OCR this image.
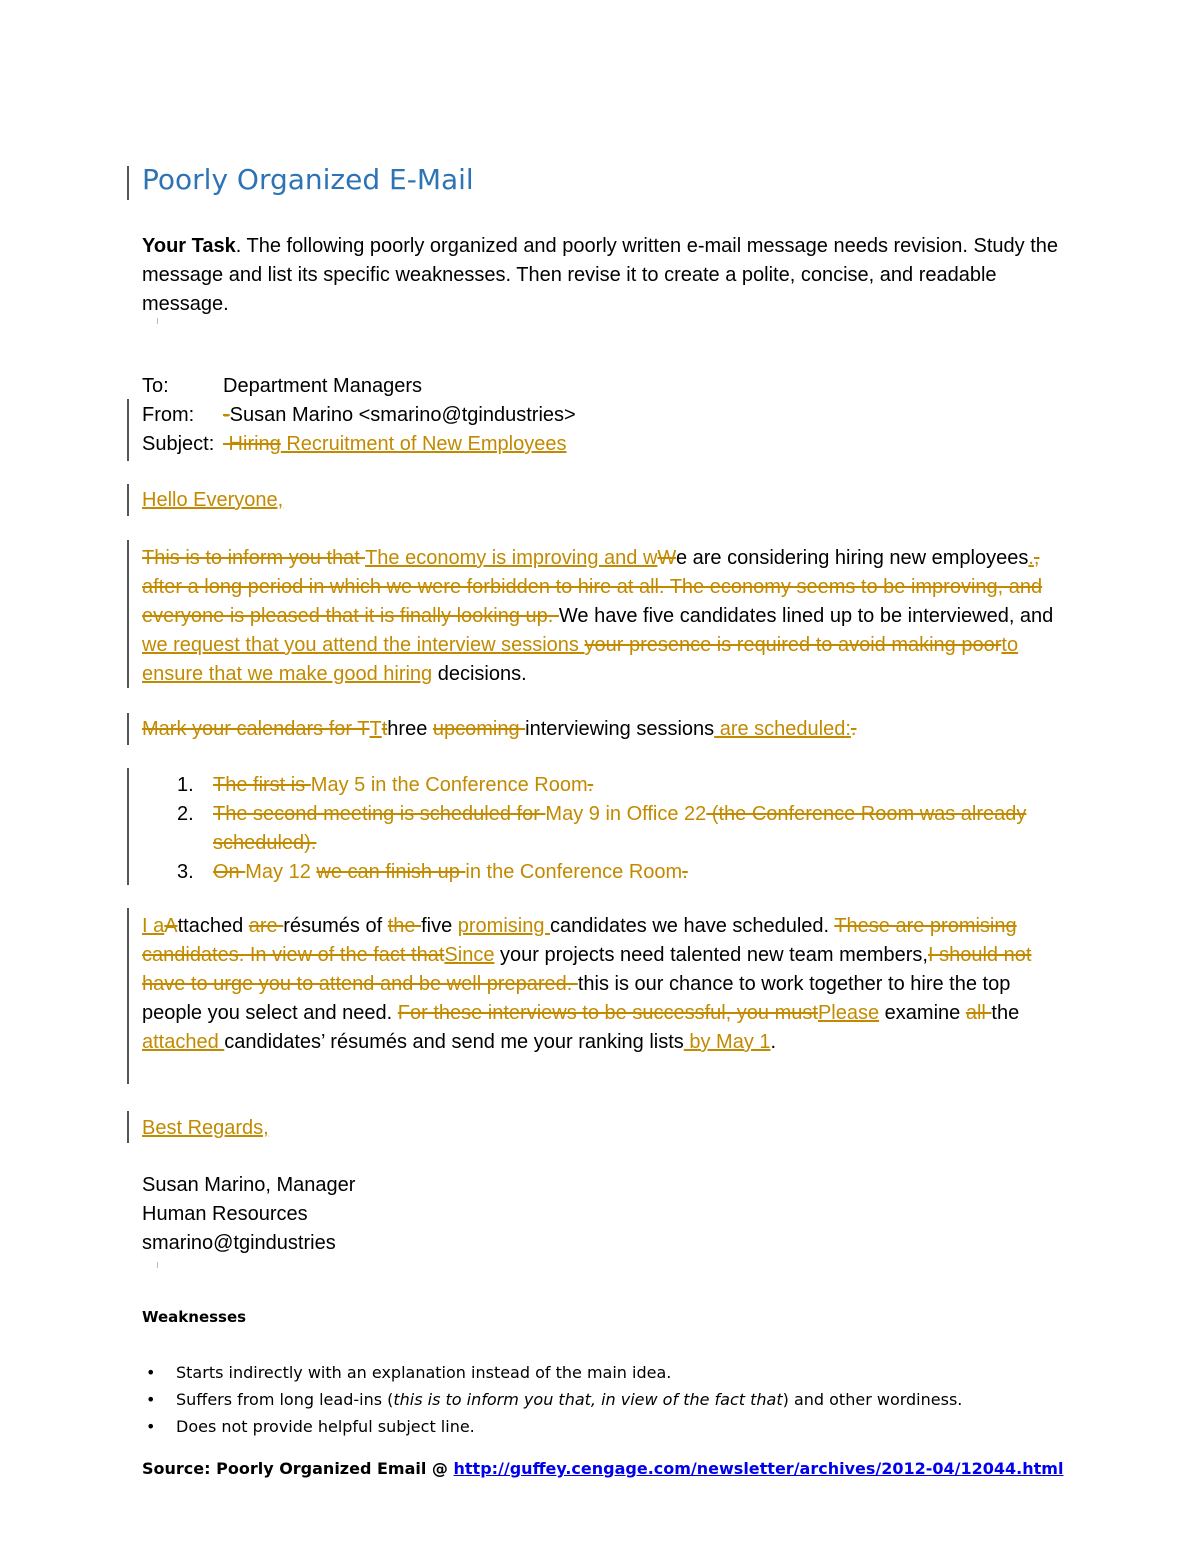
Poorly Organized E-Mail

Your Task. The following poorly organized and poorly written e-mail message needs revision. Study the message and list its specific weaknesses. Then revise it to create a polite, concise, and readable message.

To:	Department Managers
From: -Susan Marino <smarino@tgindustries>
Subject: Hiring Recruitment of New Employees

Hello Everyone,

This is to inform you that The economy is improving and wWe are considering hiring new employees., after a long period in which we were forbidden to hire at all. The economy seems to be improving, and everyone is pleased that it is finally looking up. We have five candidates lined up to be interviewed, and we request that you attend the interview sessions your presence is required to avoid making poorto ensure that we make good hiring decisions.

Mark your calendars for TTthree upcoming interviewing sessions are scheduled:.

1. The first is May 5 in the Conference Room.
2. The second meeting is scheduled for May 9 in Office 22 (the Conference Room was already scheduled).
3. On May 12 we can finish up in the Conference Room.

I aAttached are résumés of the five promising candidates we have scheduled. These are promising candidates. In view of the fact thatSince your projects need talented new team members,I should not have to urge you to attend and be well prepared. this is our chance to work together to hire the top people you select and need. For these interviews to be successful, you mustPlease examine all the attached candidates’ résumés and send me your ranking lists by May 1.

Best Regards,

Susan Marino, Manager
Human Resources
smarino@tgindustries

Weaknesses

• Starts indirectly with an explanation instead of the main idea.
• Suffers from long lead-ins (this is to inform you that, in view of the fact that) and other wordiness.
• Does not provide helpful subject line.

Source: Poorly Organized Email @ http://guffey.cengage.com/newsletter/archives/2012-04/12044.html
